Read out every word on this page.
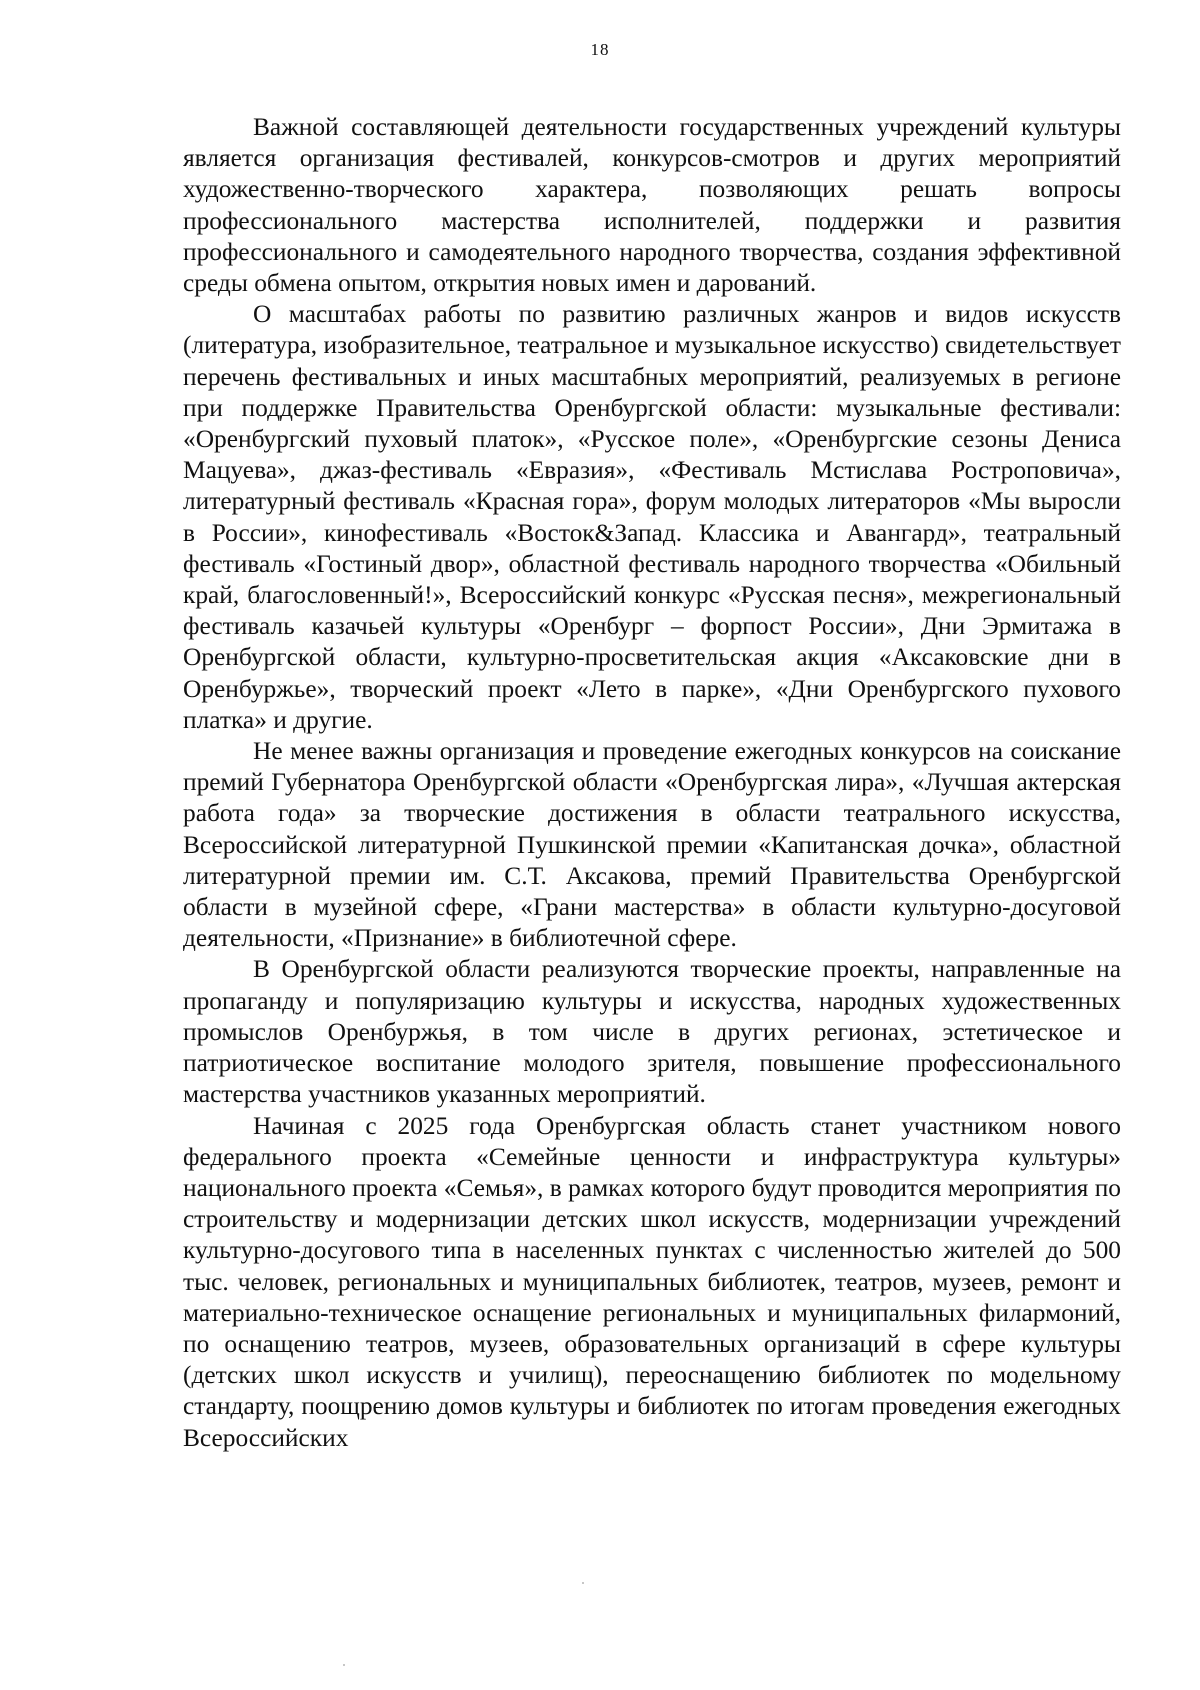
18

Важной составляющей деятельности государственных учреждений культуры является организация фестивалей, конкурсов-смотров и других мероприятий художественно-творческого характера, позволяющих решать вопросы профессионального мастерства исполнителей, поддержки и развития профессионального и самодеятельного народного творчества, создания эффективной среды обмена опытом, открытия новых имен и дарований.

О масштабах работы по развитию различных жанров и видов искусств (литература, изобразительное, театральное и музыкальное искусство) свидетельствует перечень фестивальных и иных масштабных мероприятий, реализуемых в регионе при поддержке Правительства Оренбургской области: музыкальные фестивали: «Оренбургский пуховый платок», «Русское поле», «Оренбургские сезоны Дениса Мацуева», джаз-фестиваль «Евразия», «Фестиваль Мстислава Ростроповича», литературный фестиваль «Красная гора», форум молодых литераторов «Мы выросли в России», кинофестиваль «Восток&Запад. Классика и Авангард», театральный фестиваль «Гостиный двор», областной фестиваль народного творчества «Обильный край, благословенный!», Всероссийский конкурс «Русская песня», межрегиональный фестиваль казачьей культуры «Оренбург – форпост России», Дни Эрмитажа в Оренбургской области, культурно-просветительская акция «Аксаковские дни в Оренбуржье», творческий проект «Лето в парке», «Дни Оренбургского пухового платка» и другие.

Не менее важны организация и проведение ежегодных конкурсов на соискание премий Губернатора Оренбургской области «Оренбургская лира», «Лучшая актерская работа года» за творческие достижения в области театрального искусства, Всероссийской литературной Пушкинской премии «Капитанская дочка», областной литературной премии им. С.Т. Аксакова, премий Правительства Оренбургской области в музейной сфере, «Грани мастерства» в области культурно-досуговой деятельности, «Признание» в библиотечной сфере.

В Оренбургской области реализуются творческие проекты, направленные на пропаганду и популяризацию культуры и искусства, народных художественных промыслов Оренбуржья, в том числе в других регионах, эстетическое и патриотическое воспитание молодого зрителя, повышение профессионального мастерства участников указанных мероприятий.

Начиная с 2025 года Оренбургская область станет участником нового федерального проекта «Семейные ценности и инфраструктура культуры» национального проекта «Семья», в рамках которого будут проводится мероприятия по строительству и модернизации детских школ искусств, модернизации учреждений культурно-досугового типа в населенных пунктах с численностью жителей до 500 тыс. человек, региональных и муниципальных библиотек, театров, музеев, ремонт и материально-техническое оснащение региональных и муниципальных филармоний, по оснащению театров, музеев, образовательных организаций в сфере культуры (детских школ искусств и училищ), переоснащению библиотек по модельному стандарту, поощрению домов культуры и библиотек по итогам проведения ежегодных Всероссийских
